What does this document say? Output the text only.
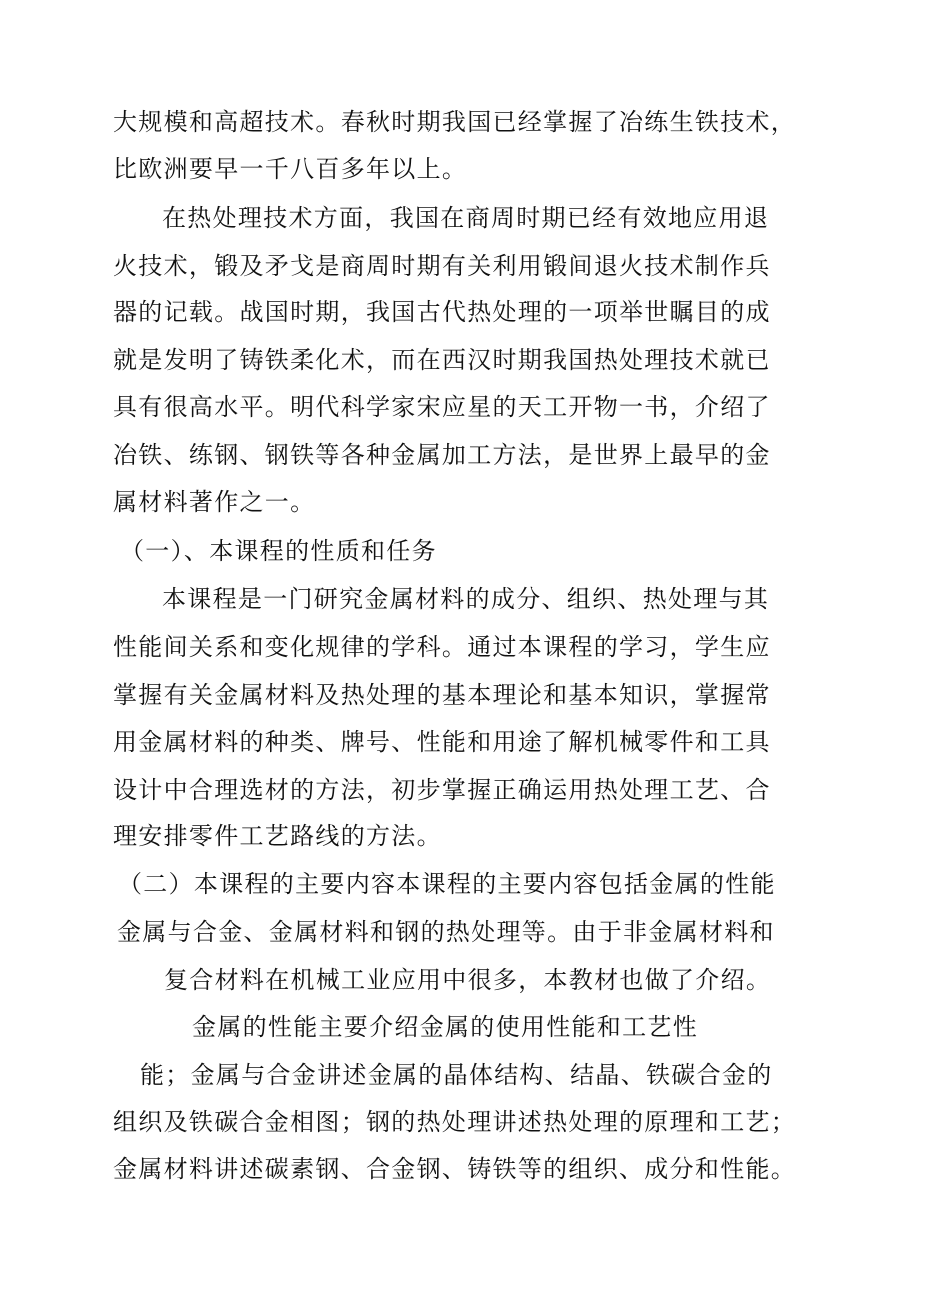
大规模和高超技术。春秋时期我国已经掌握了冶练生铁技术，
比欧洲要早一千八百多年以上。
在热处理技术方面，我国在商周时期已经有效地应用退
火技术，锻及矛戈是商周时期有关利用锻间退火技术制作兵
器的记载。战国时期，我国古代热处理的一项举世瞩目的成
就是发明了铸铁柔化术，而在西汉时期我国热处理技术就已
具有很高水平。明代科学家宋应星的天工开物一书，介绍了
冶铁、练钢、钢铁等各种金属加工方法，是世界上最早的金
属材料著作之一。
（一）、本课程的性质和任务
本课程是一门研究金属材料的成分、组织、热处理与其
性能间关系和变化规律的学科。通过本课程的学习，学生应
掌握有关金属材料及热处理的基本理论和基本知识，掌握常
用金属材料的种类、牌号、性能和用途了解机械零件和工具
设计中合理选材的方法，初步掌握正确运用热处理工艺、合
理安排零件工艺路线的方法。
（二）本课程的主要内容本课程的主要内容包括金属的性能
金属与合金、金属材料和钢的热处理等。由于非金属材料和
复合材料在机械工业应用中很多，本教材也做了介绍。
金属的性能主要介绍金属的使用性能和工艺性
能；金属与合金讲述金属的晶体结构、结晶、铁碳合金的
组织及铁碳合金相图；钢的热处理讲述热处理的原理和工艺；
金属材料讲述碳素钢、合金钢、铸铁等的组织、成分和性能。
